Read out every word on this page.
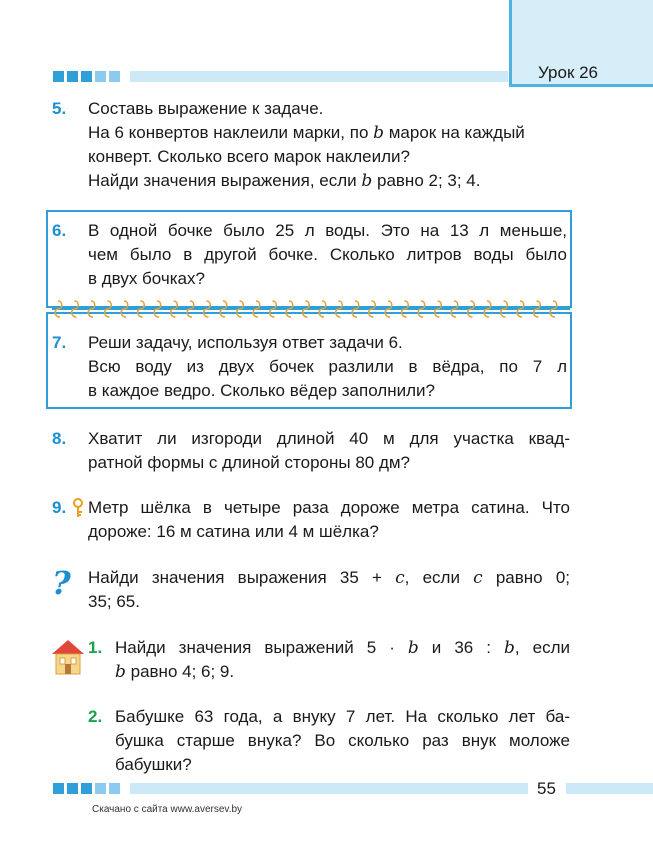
Урок 26
5. Составь выражение к задаче.
На 6 конвертов наклеили марки, по b марок на каждый
конверт. Сколько всего марок наклеили?
Найди значения выражения, если b равно 2; 3; 4.
6. В одной бочке было 25 л воды. Это на 13 л меньше,
чем было в другой бочке. Сколько литров воды было
в двух бочках?
7. Реши задачу, используя ответ задачи 6.
Всю воду из двух бочек разлили в вёдра, по 7 л
в каждое ведро. Сколько вёдер заполнили?
8. Хватит ли изгороди длиной 40 м для участка квад-
ратной формы с длиной стороны 80 дм?
9. Метр шёлка в четыре раза дороже метра сатина. Что
дороже: 16 м сатина или 4 м шёлка?
? Найди значения выражения 35 + c, если c равно 0;
35; 65.
1. Найди значения выражений 5 · b и 36 : b, если
b равно 4; 6; 9.
2. Бабушке 63 года, а внуку 7 лет. На сколько лет ба-
бушка старше внука? Во сколько раз внук моложе
бабушки?
55
Скачано с сайта www.aversev.by
